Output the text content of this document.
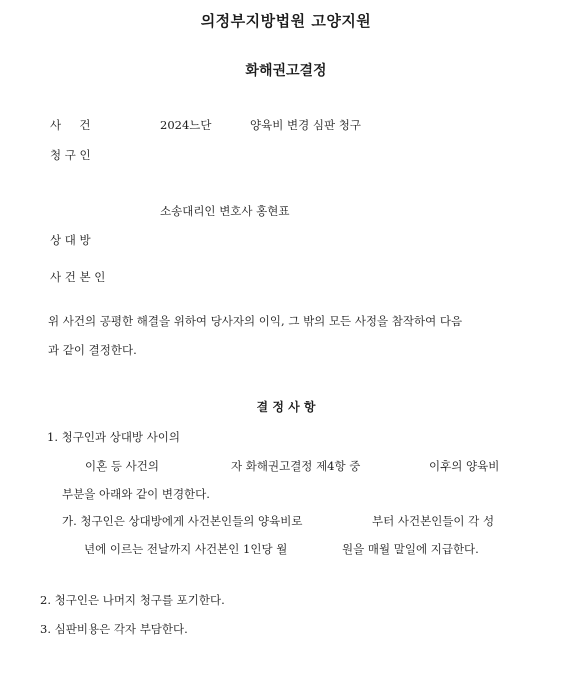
의정부지방법원 고양지원
화해권고결정
사     건	2024느단	양육비 변경 심판 청구
청 구 인
소송대리인 변호사 홍현표
상 대 방
사 건 본 인
위 사건의 공평한 해결을 위하여 당사자의 이익, 그 밖의 모든 사정을 참작하여 다음
과 같이 결정한다.
결 정 사 항
1. 청구인과 상대방 사이의
이혼 등 사건의	자 화해권고결정 제4항 중	이후의 양육비
부분을 아래와 같이 변경한다.
가. 청구인은 상대방에게 사건본인들의 양육비로	부터 사건본인들이 각 성
년에 이르는 전날까지 사건본인 1인당 월	원을 매월 말일에 지급한다.
2. 청구인은 나머지 청구를 포기한다.
3. 심판비용은 각자 부담한다.
